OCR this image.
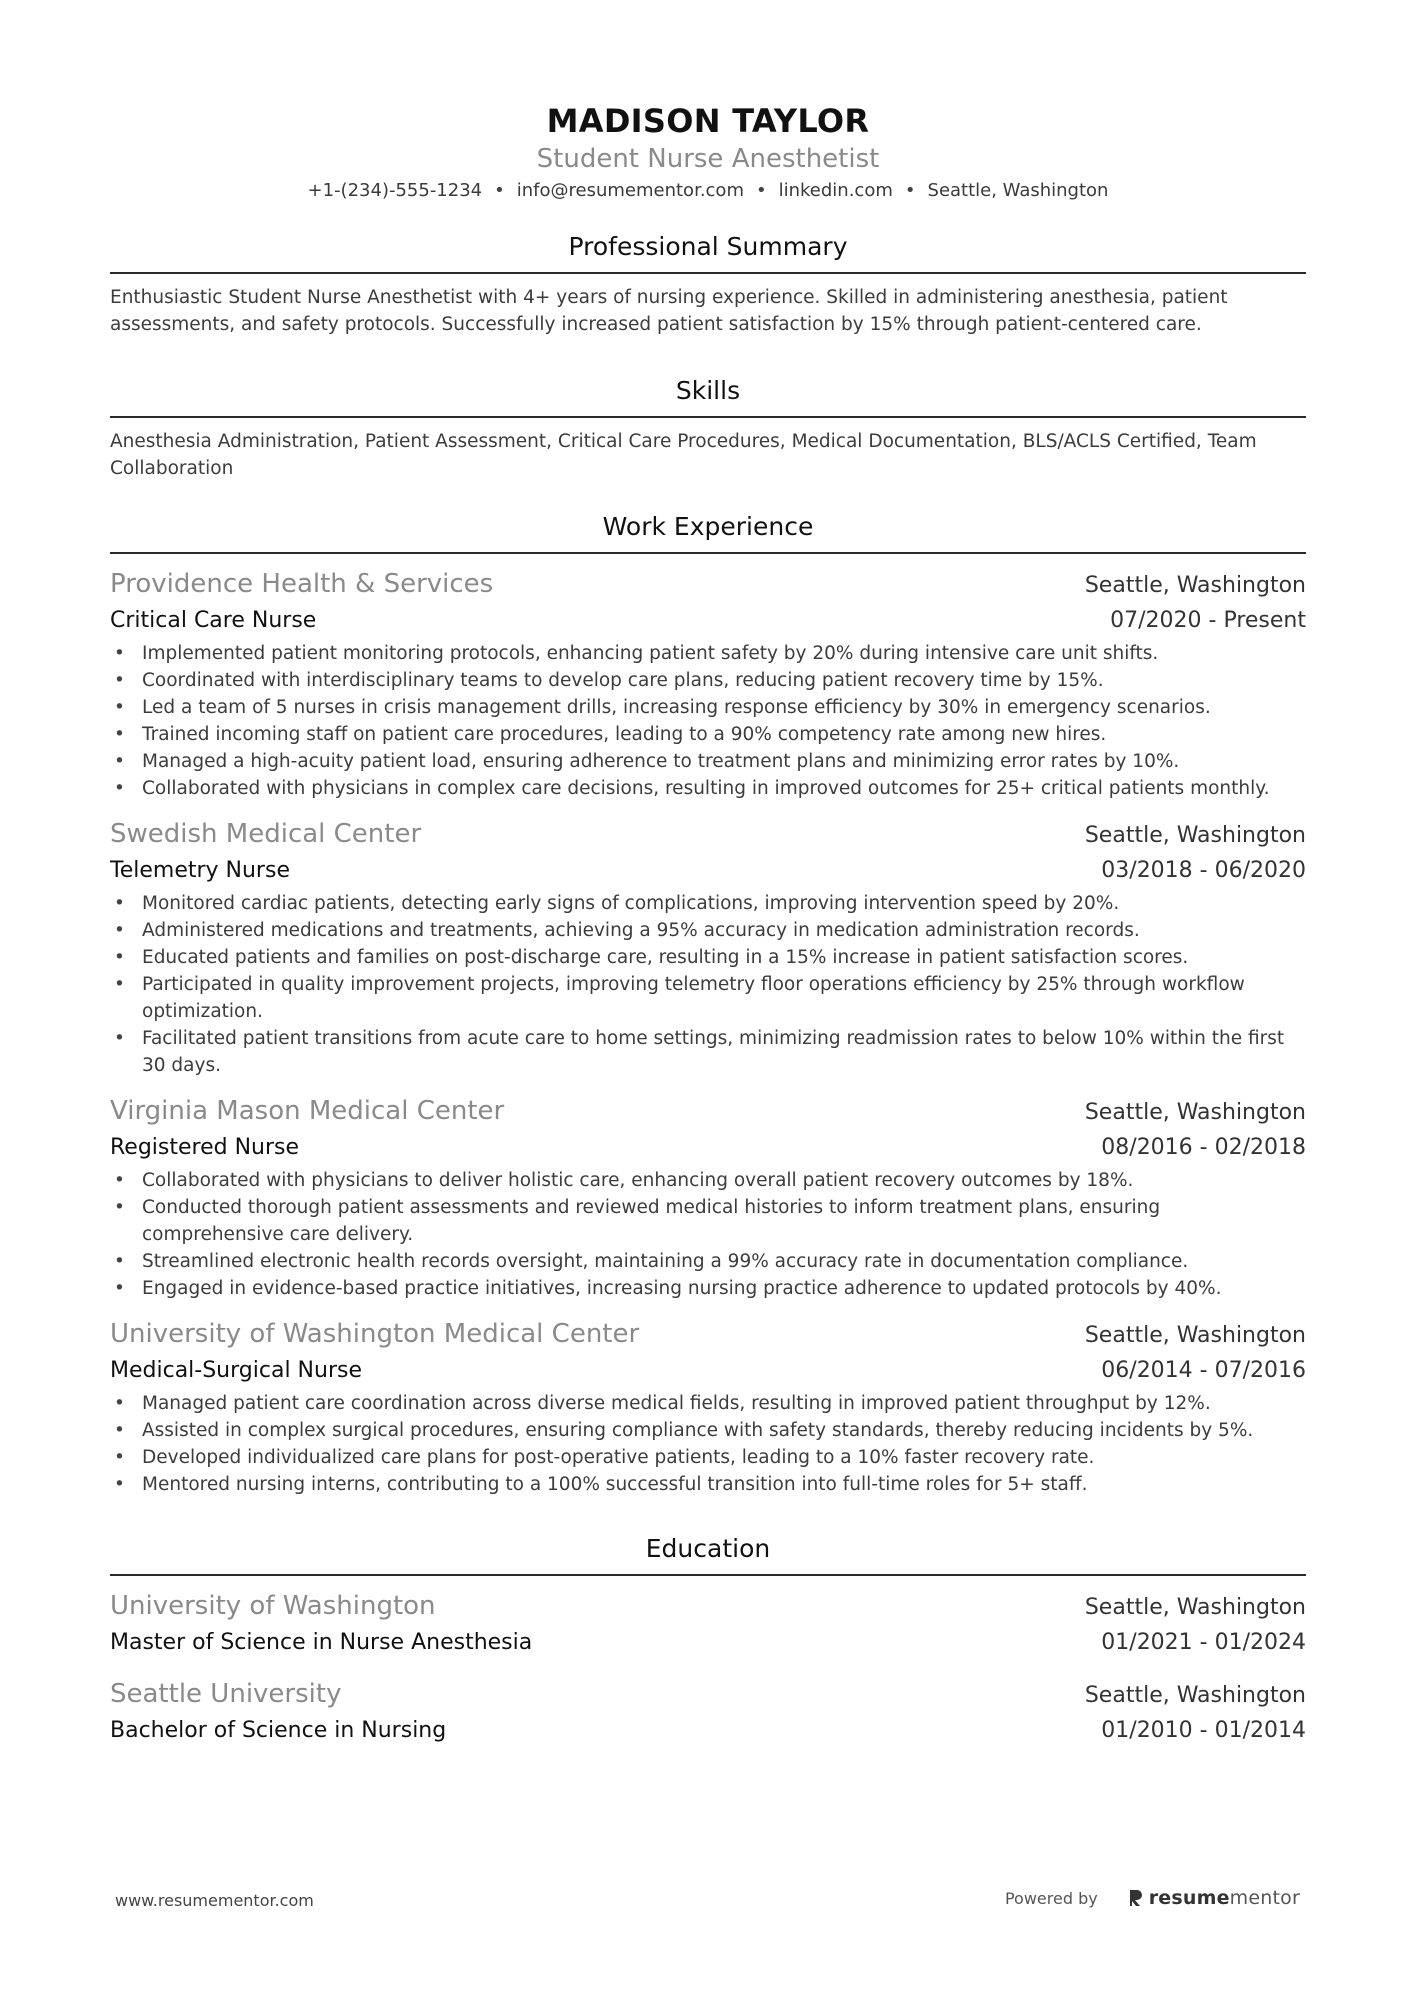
MADISON TAYLOR
Student Nurse Anesthetist
+1-(234)-555-1234 • info@resumementor.com • linkedin.com • Seattle, Washington
Professional Summary
Enthusiastic Student Nurse Anesthetist with 4+ years of nursing experience. Skilled in administering anesthesia, patient assessments, and safety protocols. Successfully increased patient satisfaction by 15% through patient-centered care.
Skills
Anesthesia Administration, Patient Assessment, Critical Care Procedures, Medical Documentation, BLS/ACLS Certified, Team Collaboration
Work Experience
Providence Health & Services	Seattle, Washington
Critical Care Nurse	07/2020 - Present
• Implemented patient monitoring protocols, enhancing patient safety by 20% during intensive care unit shifts.
• Coordinated with interdisciplinary teams to develop care plans, reducing patient recovery time by 15%.
• Led a team of 5 nurses in crisis management drills, increasing response efficiency by 30% in emergency scenarios.
• Trained incoming staff on patient care procedures, leading to a 90% competency rate among new hires.
• Managed a high-acuity patient load, ensuring adherence to treatment plans and minimizing error rates by 10%.
• Collaborated with physicians in complex care decisions, resulting in improved outcomes for 25+ critical patients monthly.
Swedish Medical Center	Seattle, Washington
Telemetry Nurse	03/2018 - 06/2020
• Monitored cardiac patients, detecting early signs of complications, improving intervention speed by 20%.
• Administered medications and treatments, achieving a 95% accuracy in medication administration records.
• Educated patients and families on post-discharge care, resulting in a 15% increase in patient satisfaction scores.
• Participated in quality improvement projects, improving telemetry floor operations efficiency by 25% through workflow optimization.
• Facilitated patient transitions from acute care to home settings, minimizing readmission rates to below 10% within the first 30 days.
Virginia Mason Medical Center	Seattle, Washington
Registered Nurse	08/2016 - 02/2018
• Collaborated with physicians to deliver holistic care, enhancing overall patient recovery outcomes by 18%.
• Conducted thorough patient assessments and reviewed medical histories to inform treatment plans, ensuring comprehensive care delivery.
• Streamlined electronic health records oversight, maintaining a 99% accuracy rate in documentation compliance.
• Engaged in evidence-based practice initiatives, increasing nursing practice adherence to updated protocols by 40%.
University of Washington Medical Center	Seattle, Washington
Medical-Surgical Nurse	06/2014 - 07/2016
• Managed patient care coordination across diverse medical fields, resulting in improved patient throughput by 12%.
• Assisted in complex surgical procedures, ensuring compliance with safety standards, thereby reducing incidents by 5%.
• Developed individualized care plans for post-operative patients, leading to a 10% faster recovery rate.
• Mentored nursing interns, contributing to a 100% successful transition into full-time roles for 5+ staff.
Education
University of Washington	Seattle, Washington
Master of Science in Nurse Anesthesia	01/2021 - 01/2024
Seattle University	Seattle, Washington
Bachelor of Science in Nursing	01/2010 - 01/2014
www.resumementor.com	Powered by	resume mentor
